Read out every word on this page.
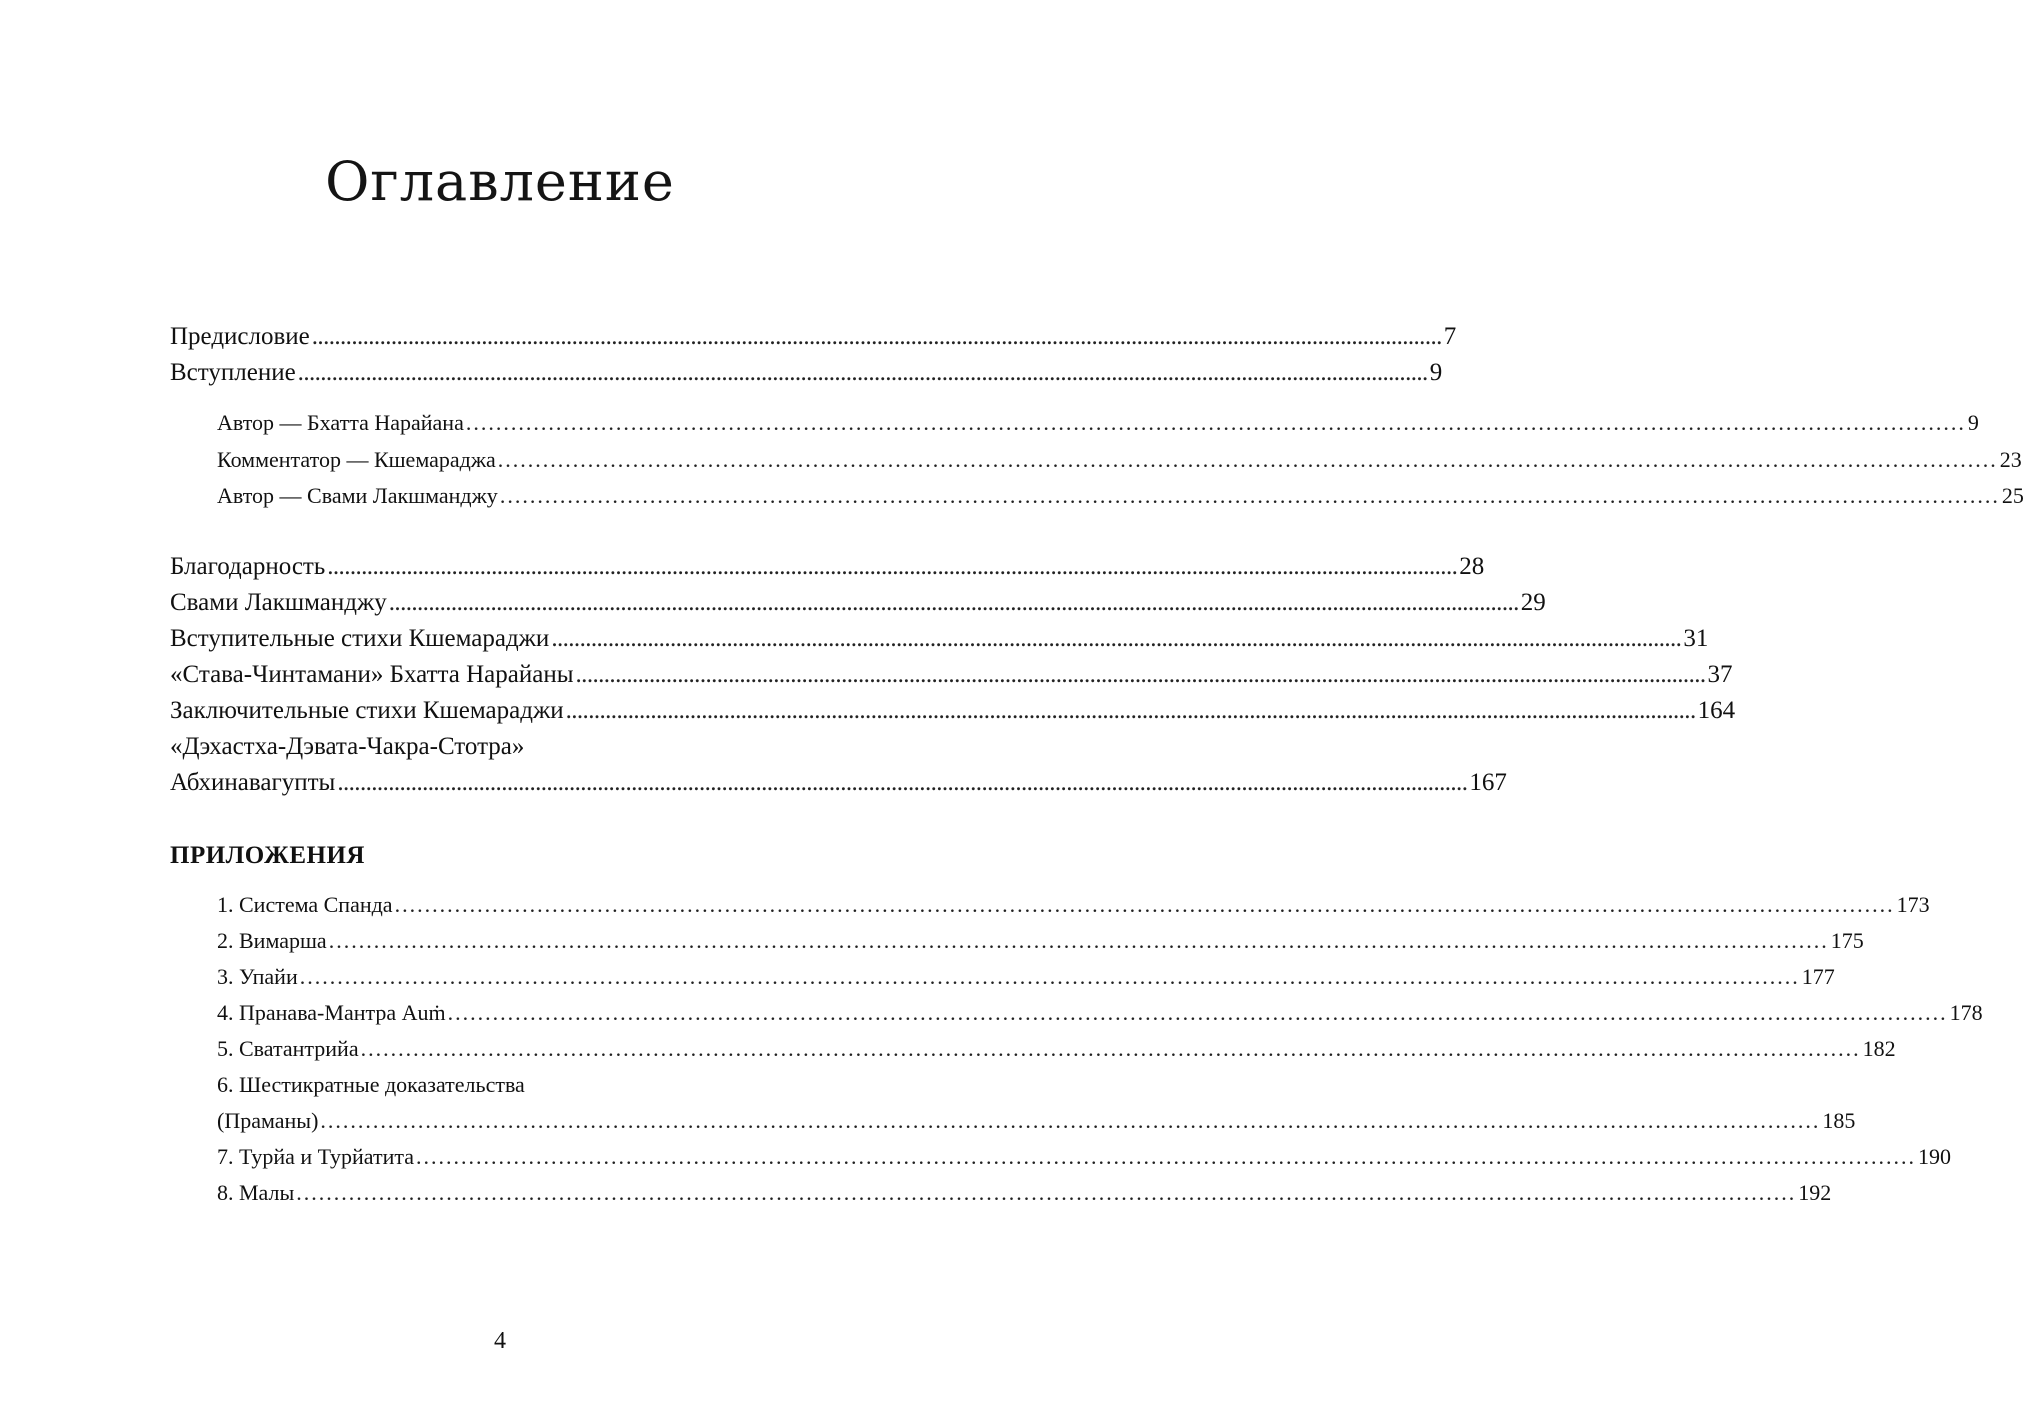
Оглавление
Предисловие ........................................................................................................................................................................................................ 7
Вступление ........................................................................................................................................................................................................ 9
Автор — Бхатта Нарайана ........................................................................................................................................................................................................ 9
Комментатор — Кшемараджа ........................................................................................................................................................................................................ 23
Автор — Свами Лакшманджу ........................................................................................................................................................................................................ 25
Благодарность ........................................................................................................................................................................................................ 28
Свами Лакшманджу ........................................................................................................................................................................................................ 29
Вступительные стихи Кшемараджи ........................................................................................................................................................................................................ 31
«Става-Чинтамани» Бхатта Нарайаны ........................................................................................................................................................................................................ 37
Заключительные стихи Кшемараджи ........................................................................................................................................................................................................ 164
«Дэхастха-Дэвата-Чакра-Стотра»
Абхинавагупты ........................................................................................................................................................................................................ 167
ПРИЛОЖЕНИЯ
1. Система Спанда ........................................................................................................................................................................................................ 173
2. Вимарша ........................................................................................................................................................................................................ 175
3. Упайи ........................................................................................................................................................................................................ 177
4. Пранава-Мантра Auṁ ........................................................................................................................................................................................................ 178
5. Сватантрийа ........................................................................................................................................................................................................ 182
6. Шестикратные доказательства
(Праманы) ........................................................................................................................................................................................................ 185
7. Турйа и Турйатита ........................................................................................................................................................................................................ 190
8. Малы ........................................................................................................................................................................................................ 192
4
